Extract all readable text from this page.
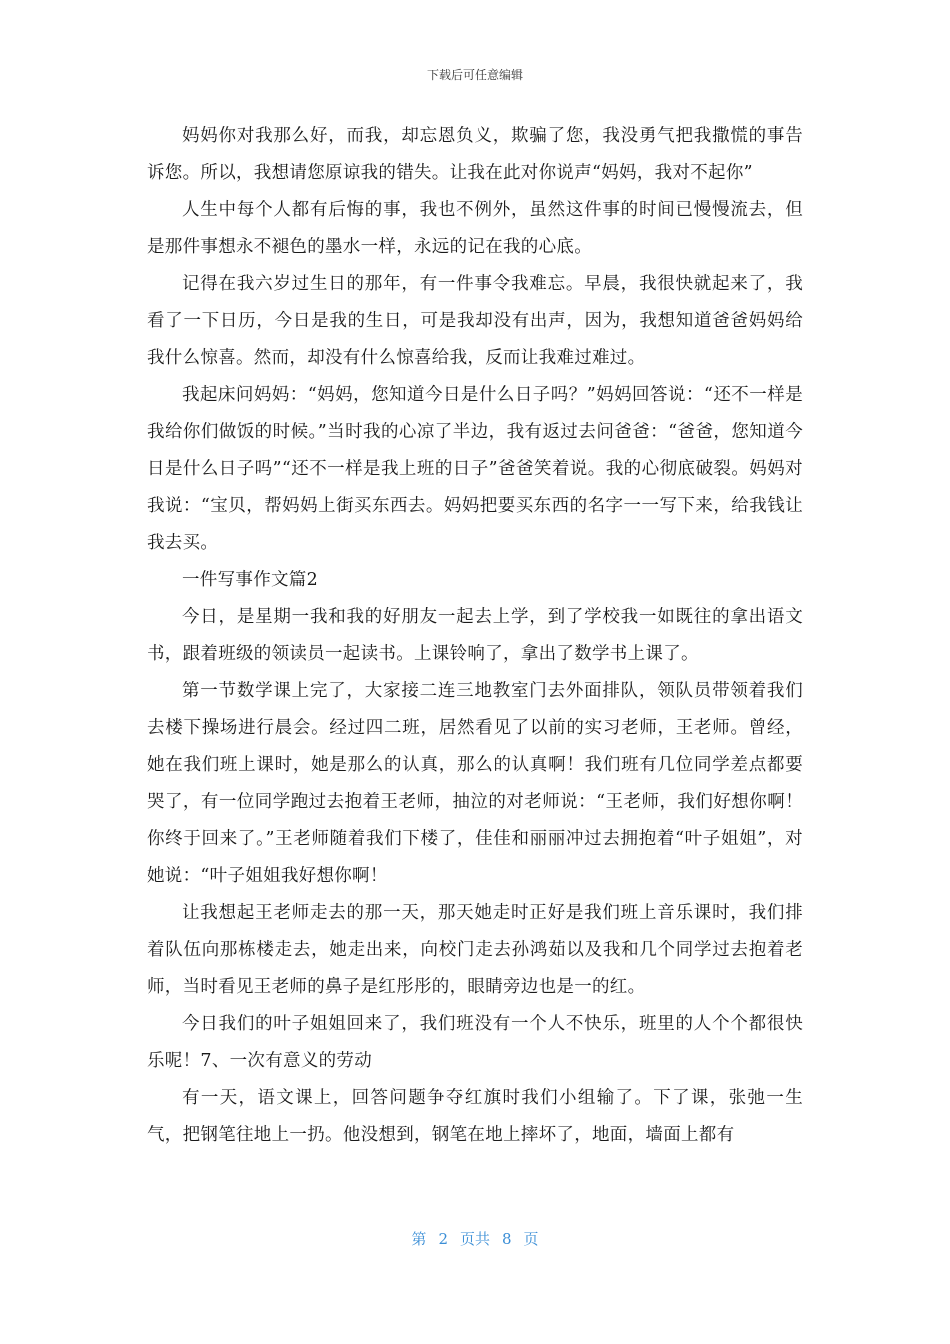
下载后可任意编辑

妈妈你对我那么好，而我，却忘恩负义，欺骗了您，我没勇气把我撒慌的事告诉您。所以，我想请您原谅我的错失。让我在此对你说声“妈妈，我对不起你”

人生中每个人都有后悔的事，我也不例外，虽然这件事的时间已慢慢流去，但是那件事想永不褪色的墨水一样，永远的记在我的心底。

记得在我六岁过生日的那年，有一件事令我难忘。早晨，我很快就起来了，我看了一下日历，今日是我的生日，可是我却没有出声，因为，我想知道爸爸妈妈给我什么惊喜。然而，却没有什么惊喜给我，反而让我难过难过。

我起床问妈妈：“妈妈，您知道今日是什么日子吗？”妈妈回答说：“还不一样是我给你们做饭的时候。”当时我的心凉了半边，我有返过去问爸爸：“爸爸，您知道今日是什么日子吗”“还不一样是我上班的日子”爸爸笑着说。我的心彻底破裂。妈妈对我说：“宝贝，帮妈妈上街买东西去。妈妈把要买东西的名字一一写下来，给我钱让我去买。

一件写事作文篇2

今日，是星期一我和我的好朋友一起去上学，到了学校我一如既往的拿出语文书，跟着班级的领读员一起读书。上课铃响了，拿出了数学书上课了。

第一节数学课上完了，大家接二连三地教室门去外面排队，领队员带领着我们去楼下操场进行晨会。经过四二班，居然看见了以前的实习老师，王老师。曾经，她在我们班上课时，她是那么的认真，那么的认真啊！我们班有几位同学差点都要哭了，有一位同学跑过去抱着王老师，抽泣的对老师说：“王老师，我们好想你啊！你终于回来了。”王老师随着我们下楼了，佳佳和丽丽冲过去拥抱着“叶子姐姐”，对她说：“叶子姐姐我好想你啊！

让我想起王老师走去的那一天，那天她走时正好是我们班上音乐课时，我们排着队伍向那栋楼走去，她走出来，向校门走去孙鸿茹以及我和几个同学过去抱着老师，当时看见王老师的鼻子是红彤彤的，眼睛旁边也是一的红。

今日我们的叶子姐姐回来了，我们班没有一个人不快乐，班里的人个个都很快乐呢！7、一次有意义的劳动

有一天，语文课上，回答问题争夺红旗时我们小组输了。下了课，张弛一生气，把钢笔往地上一扔。他没想到，钢笔在地上摔坏了，地面，墙面上都有

第 2 页共 8 页
